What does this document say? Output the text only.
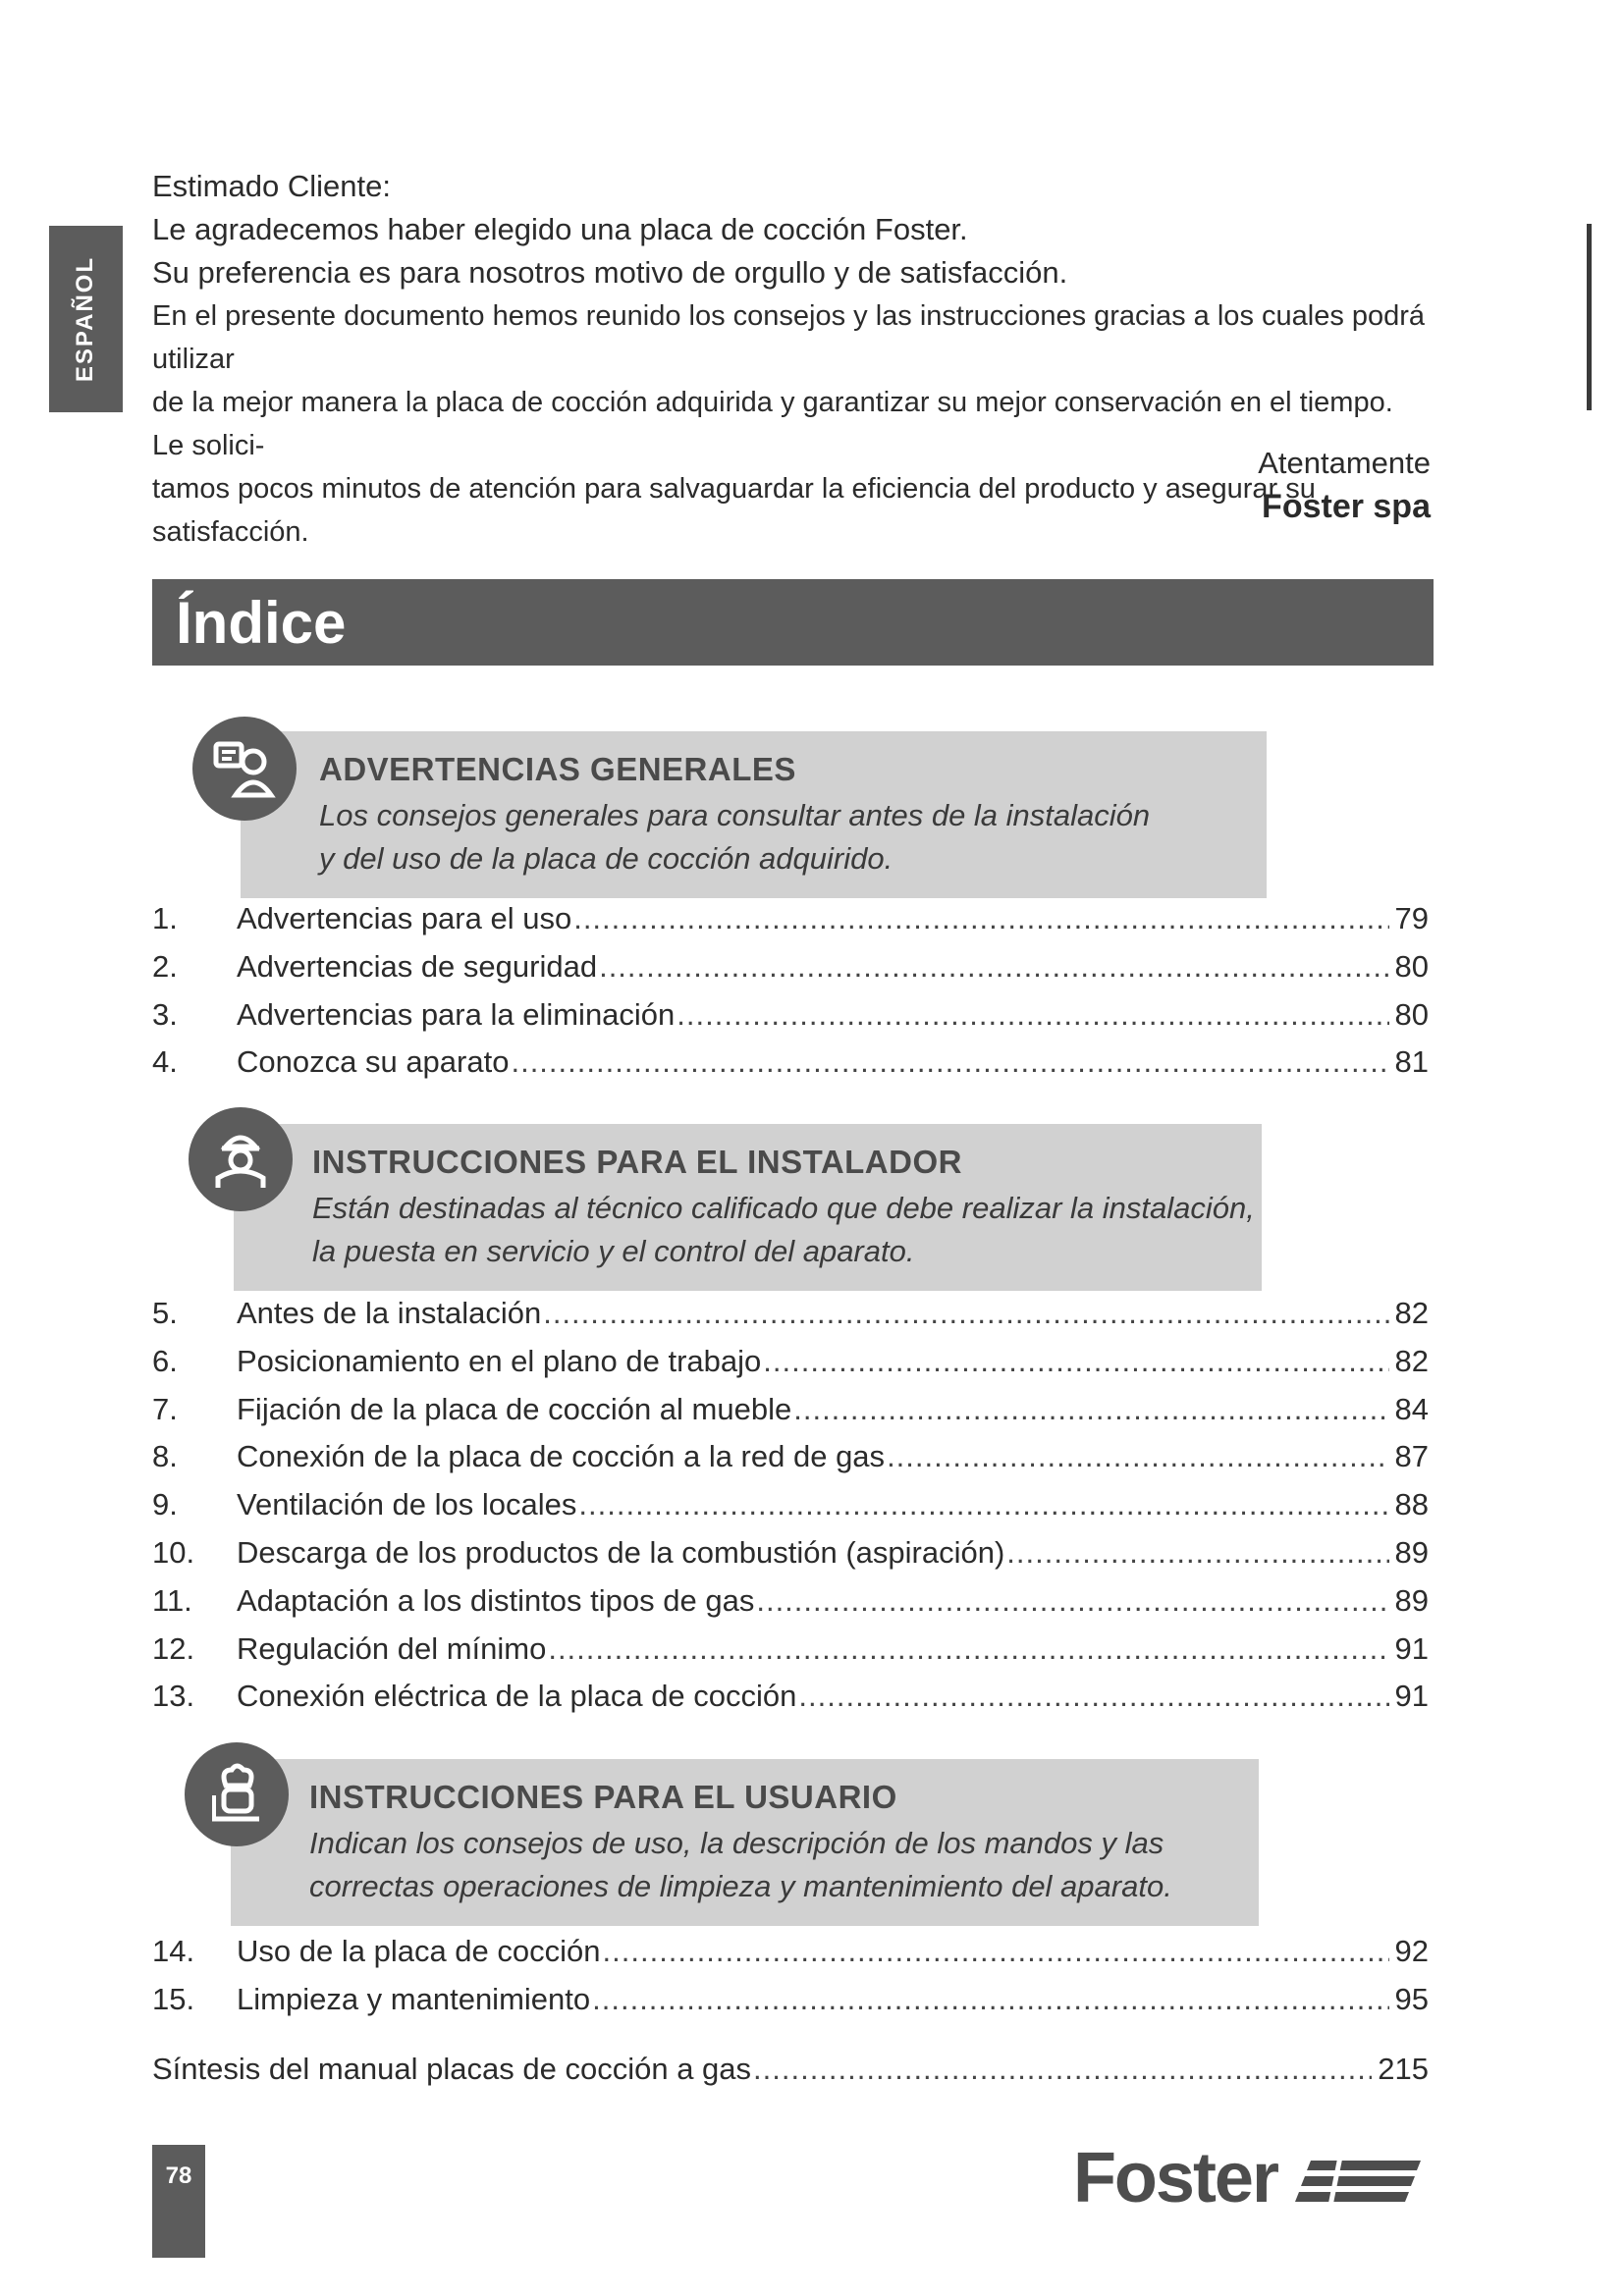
ESPAÑOL

Estimado Cliente:

Le agradecemos haber elegido una placa de cocción Foster.

Su preferencia es para nosotros motivo de orgullo y de satisfacción.

En el presente documento hemos reunido los consejos y las instrucciones gracias a los cuales podrá utilizar

de la mejor manera la placa de cocción adquirida y garantizar su mejor conservación en el tiempo. Le solici-

tamos pocos minutos de atención para salvaguardar la eficiencia del producto y asegurar su satisfacción.

Atentamente
Foster spa
Índice
ADVERTENCIAS GENERALES
Los consejos generales para consultar antes de la instalación
y del uso de la placa de cocción adquirido.
1.	Advertencias para el uso .....	79
2.	Advertencias de seguridad .....	80
3.	Advertencias para la eliminación .....	80
4.	Conozca su aparato .....	81
INSTRUCCIONES PARA EL INSTALADOR
Están destinadas al técnico calificado que debe realizar la instalación,
la puesta en servicio y el control del aparato.
5.	Antes de la instalación .....	82
6.	Posicionamiento en el plano de trabajo .....	82
7.	Fijación de la placa de cocción al mueble .....	84
8.	Conexión de la placa de cocción a la red de gas .....	87
9.	Ventilación de los locales .....	88
10.	Descarga de los productos de la combustión (aspiración) .....	89
11.	Adaptación a los distintos tipos de gas .....	89
12.	Regulación del mínimo .....	91
13.	Conexión eléctrica de la placa de cocción .....	91
INSTRUCCIONES PARA EL USUARIO
Indican los consejos de uso, la descripción de los mandos y las
correctas operaciones de limpieza y mantenimiento del aparato.
14.	Uso de la placa de cocción .....	92
15.	Limpieza y mantenimiento .....	95
Síntesis del manual placas de cocción a gas .....	215
78	Foster
